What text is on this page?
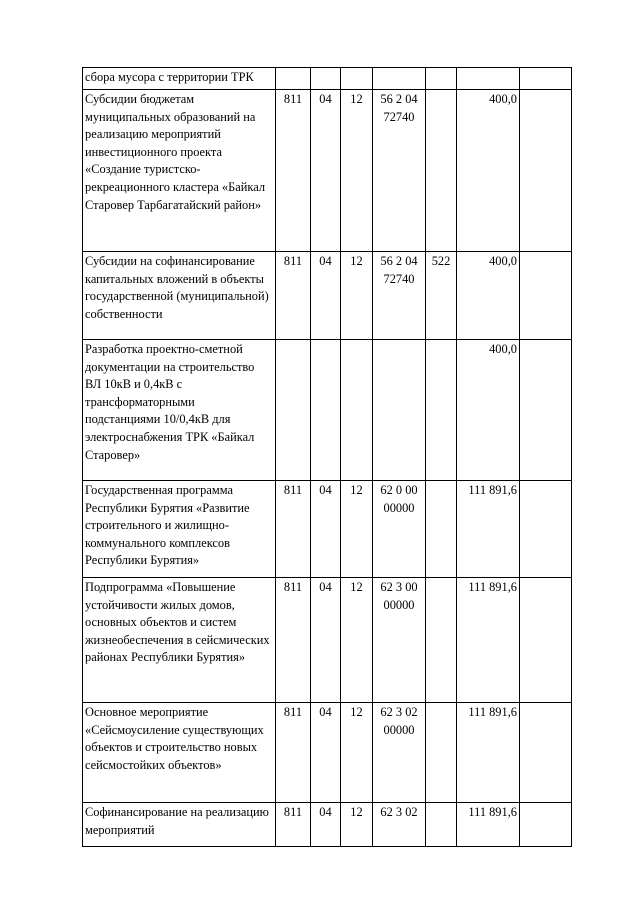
сбора мусора с территории ТРК							
Субсидии бюджетам муниципальных образований на реализацию мероприятий инвестиционного проекта «Создание туристско-рекреационного кластера «Байкал Старовер Тарбагатайский район»	811	04	12	56 2 04 72740		400,0	
Субсидии на софинансирование капитальных вложений в объекты государственной (муниципальной) собственности	811	04	12	56 2 04 72740	522	400,0	
Разработка проектно-сметной документации на строительство ВЛ 10кВ и 0,4кВ с трансформаторными подстанциями 10/0,4кВ для электроснабжения ТРК «Байкал Старовер»						400,0	
Государственная программа Республики Бурятия «Развитие строительного и жилищно-коммунального комплексов Республики Бурятия»	811	04	12	62 0 00 00000		111 891,6	
Подпрограмма «Повышение устойчивости жилых домов, основных объектов и систем жизнеобеспечения в сейсмических районах Республики Бурятия»	811	04	12	62 3 00 00000		111 891,6	
Основное мероприятие «Сейсмоусиление существующих объектов и строительство новых сейсмостойких объектов»	811	04	12	62 3 02 00000		111 891,6	
Софинансирование на реализацию мероприятий	811	04	12	62 3 02		111 891,6	
